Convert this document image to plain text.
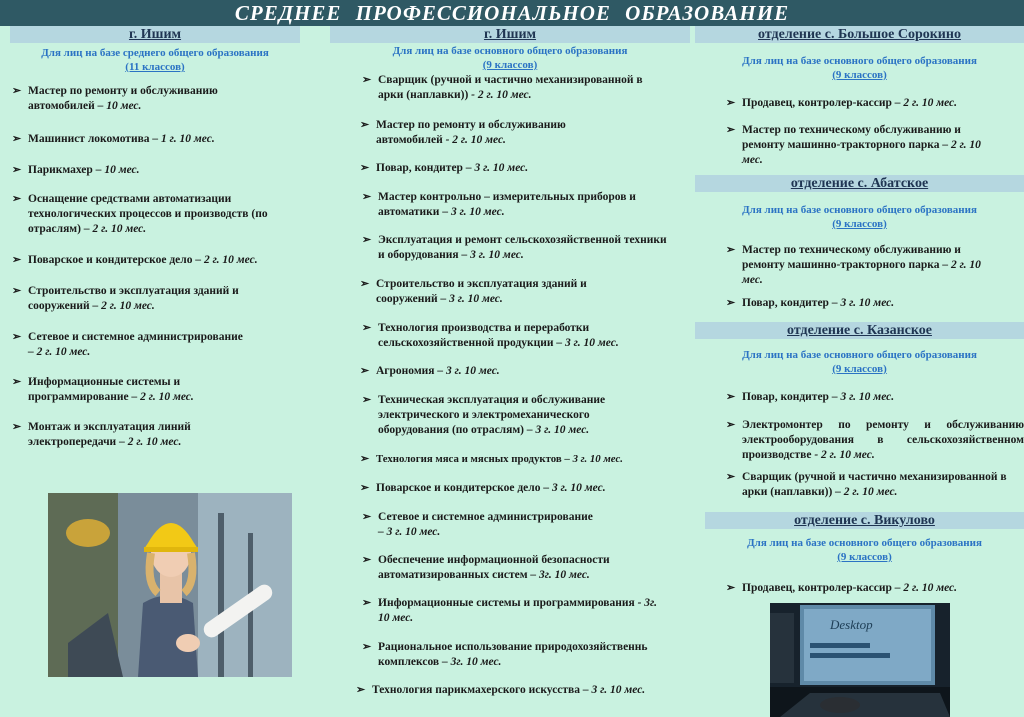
СРЕДНЕЕ ПРОФЕССИОНАЛЬНОЕ ОБРАЗОВАНИЕ
г. Ишим
Для лиц на базе среднего общего образования
(11 классов)
➢ Мастер по ремонту и обслуживанию автомобилей – 10 мес.
➢ Машинист локомотива – 1 г. 10 мес.
➢ Парикмахер – 10 мес.
➢ Оснащение средствами автоматизации технологических процессов и производств (по отраслям) – 2 г. 10 мес.
➢ Поварское и кондитерское дело – 2 г. 10 мес.
➢ Строительство и эксплуатация зданий и сооружений – 2 г. 10 мес.
➢ Сетевое и системное администрирование – 2 г. 10 мес.
➢ Информационные системы и программирование – 2 г. 10 мес.
➢ Монтаж и эксплуатация линий электропередачи – 2 г. 10 мес.
г. Ишим
Для лиц на базе основного общего образования
(9 классов)
➢ Сварщик (ручной и частично механизированной в арки (наплавки)) - 2 г. 10 мес.
➢ Мастер по ремонту и обслуживанию автомобилей - 2 г. 10 мес.
➢ Повар, кондитер – 3 г. 10 мес.
➢ Мастер контрольно – измерительных приборов и автоматики – 3 г. 10 мес.
➢ Эксплуатация и ремонт сельскохозяйственной техники и оборудования – 3 г. 10 мес.
➢ Строительство и эксплуатация зданий и сооружений – 3 г. 10 мес.
➢ Технология производства и переработки сельскохозяйственной продукции – 3 г. 10 мес.
➢ Агрономия – 3 г. 10 мес.
➢ Техническая эксплуатация и обслуживание электрического и электромеханического оборудования (по отраслям) – 3 г. 10 мес.
➢ Технология мяса и мясных продуктов – 3 г. 10 мес.
➢ Поварское и кондитерское дело – 3 г. 10 мес.
➢ Сетевое и системное администрирование – 3 г. 10 мес.
➢ Обеспечение информационной безопасности автоматизированных систем – 3г. 10 мес.
➢ Информационные системы и программирования - 3г. 10 мес.
➢ Рациональное использование природохозяйственнь комплексов – 3г. 10 мес.
➢ Технология парикмахерского искусства – 3 г. 10 мес.
отделение с. Большое Сорокино
Для лиц на базе основного общего образования
(9 классов)
➢ Продавец, контролер-кассир – 2 г. 10 мес.
➢ Мастер по техническому обслуживанию и ремонту машинно-тракторного парка – 2 г. 10 мес.
отделение с. Абатское
Для лиц на базе основного общего образования
(9 классов)
➢ Мастер по техническому обслуживанию и ремонту машинно-тракторного парка – 2 г. 10 мес.
➢ Повар, кондитер – 3 г. 10 мес.
отделение с. Казанское
Для лиц на базе основного общего образования
(9 классов)
➢ Повар, кондитер – 3 г. 10 мес.
➢ Электромонтер по ремонту и обслуживанию электрооборудования в сельскохозяйственном производстве - 2 г. 10 мес.
➢ Сварщик (ручной и частично механизированной в арки (наплавки)) – 2 г. 10 мес.
отделение с. Викулово
Для лиц на базе основного общего образования
(9 классов)
➢ Продавец, контролер-кассир – 2 г. 10 мес.
Desktop
